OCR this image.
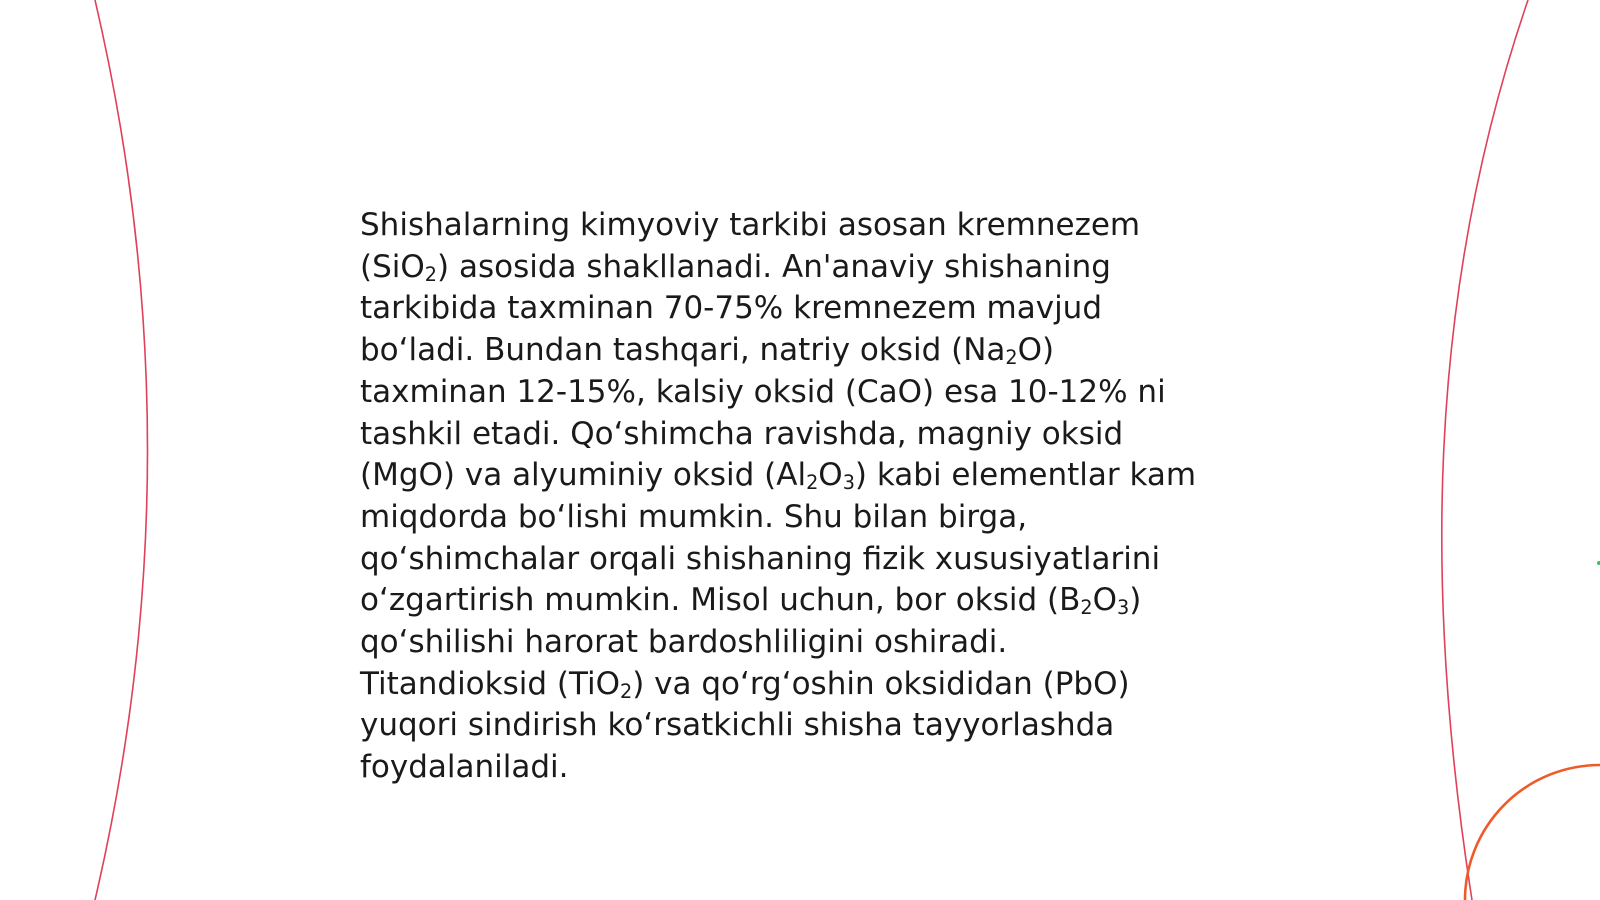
Shishalarning kimyoviy tarkibi asosan kremnezem
(SiO$_2$) asosida shakllanadi. An'anaviy shishaning
tarkibida taxminan 70-75% kremnezem mavjud
bo‘ladi. Bundan tashqari, natriy oksid $(Na_2O)$
taxminan 12-15%, kalsiy oksid (CaO) esa 10-12% ni
tashkil etadi. Qo‘shimcha ravishda, magniy oksid
(MgO) va alyuminiy oksid $(Al_2O_3)$ kabi elementlar kam
miqdorda bo‘lishi mumkin. Shu bilan birga,
qo‘shimchalar orqali shishaning fizik xususiyatlarini
o‘zgartirish mumkin. Misol uchun, bor oksid $(B_2O_3)$
qo‘shilishi harorat bardoshliligini oshiradi.
Titandioksid (TiO$_2$) va qo‘rg‘oshin oksididan (PbO)
yuqori sindirish ko‘rsatkichli shisha tayyorlashda
foydalaniladi.
